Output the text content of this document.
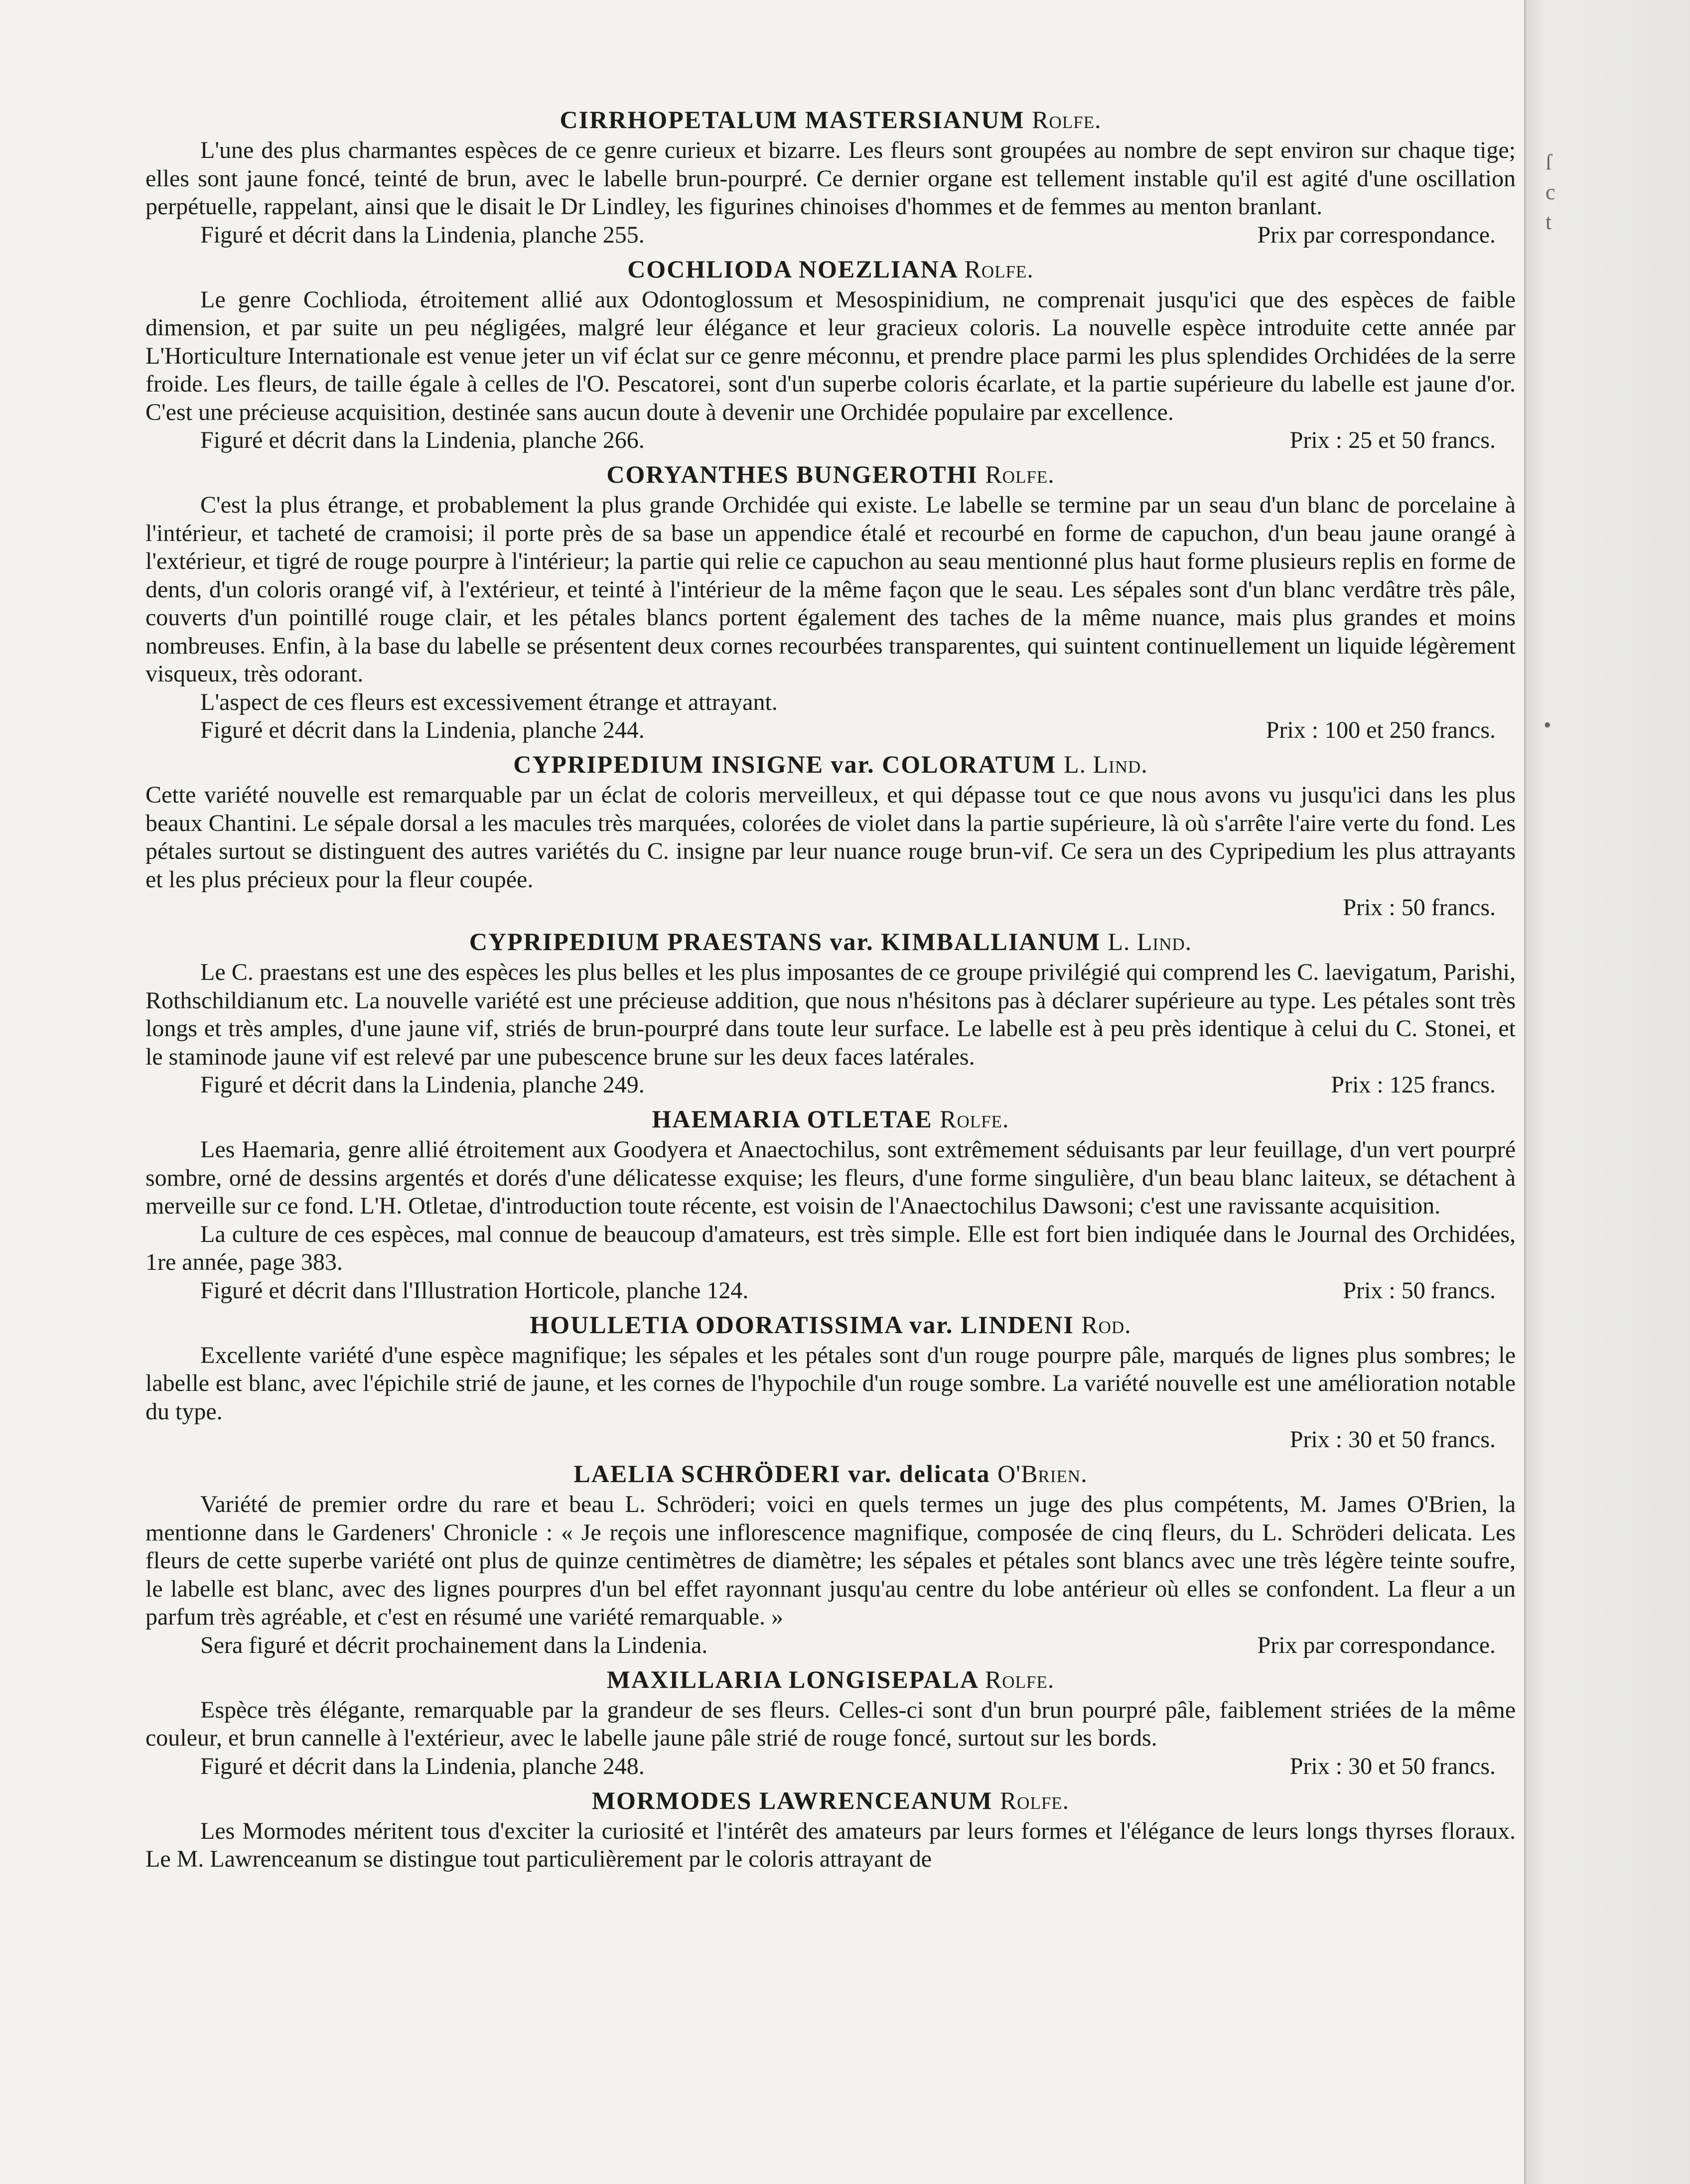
ſ
c
t
•
CIRRHOPETALUM MASTERSIANUM Rolfe.

L'une des plus charmantes espèces de ce genre curieux et bizarre. Les fleurs sont groupées au nombre de sept environ sur chaque tige; elles sont jaune foncé, teinté de brun, avec le labelle brun-pourpré. Ce dernier organe est tellement instable qu'il est agité d'une oscillation perpétuelle, rappelant, ainsi que le disait le Dr Lindley, les figurines chinoises d'hommes et de femmes au menton branlant.

Figuré et décrit dans la Lindenia, planche 255.	Prix par correspondance.
COCHLIODA NOEZLIANA Rolfe.

Le genre Cochlioda, étroitement allié aux Odontoglossum et Mesospinidium, ne comprenait jusqu'ici que des espèces de faible dimension, et par suite un peu négligées, malgré leur élégance et leur gracieux coloris. La nouvelle espèce introduite cette année par L'Horticulture Internationale est venue jeter un vif éclat sur ce genre méconnu, et prendre place parmi les plus splendides Orchidées de la serre froide. Les fleurs, de taille égale à celles de l'O. Pescatorei, sont d'un superbe coloris écarlate, et la partie supérieure du labelle est jaune d'or. C'est une précieuse acquisition, destinée sans aucun doute à devenir une Orchidée populaire par excellence.

Figuré et décrit dans la Lindenia, planche 266.	Prix : 25 et 50 francs.
CORYANTHES BUNGEROTHI Rolfe.

C'est la plus étrange, et probablement la plus grande Orchidée qui existe. Le labelle se termine par un seau d'un blanc de porcelaine à l'intérieur, et tacheté de cramoisi; il porte près de sa base un appendice étalé et recourbé en forme de capuchon, d'un beau jaune orangé à l'extérieur, et tigré de rouge pourpre à l'intérieur; la partie qui relie ce capuchon au seau mentionné plus haut forme plusieurs replis en forme de dents, d'un coloris orangé vif, à l'extérieur, et teinté à l'intérieur de la même façon que le seau. Les sépales sont d'un blanc verdâtre très pâle, couverts d'un pointillé rouge clair, et les pétales blancs portent également des taches de la même nuance, mais plus grandes et moins nombreuses. Enfin, à la base du labelle se présentent deux cornes recourbées transparentes, qui suintent continuellement un liquide légèrement visqueux, très odorant.

L'aspect de ces fleurs est excessivement étrange et attrayant.

Figuré et décrit dans la Lindenia, planche 244.	Prix : 100 et 250 francs.
CYPRIPEDIUM INSIGNE var. COLORATUM L. Lind.

Cette variété nouvelle est remarquable par un éclat de coloris merveilleux, et qui dépasse tout ce que nous avons vu jusqu'ici dans les plus beaux Chantini. Le sépale dorsal a les macules très marquées, colorées de violet dans la partie supérieure, là où s'arrête l'aire verte du fond. Les pétales surtout se distinguent des autres variétés du C. insigne par leur nuance rouge brun-vif. Ce sera un des Cypripedium les plus attrayants et les plus précieux pour la fleur coupée.

Prix : 50 francs.
CYPRIPEDIUM PRAESTANS var. KIMBALLIANUM L. Lind.

Le C. praestans est une des espèces les plus belles et les plus imposantes de ce groupe privilégié qui comprend les C. laevigatum, Parishi, Rothschildianum etc. La nouvelle variété est une précieuse addition, que nous n'hésitons pas à déclarer supérieure au type. Les pétales sont très longs et très amples, d'une jaune vif, striés de brun-pourpré dans toute leur surface. Le labelle est à peu près identique à celui du C. Stonei, et le staminode jaune vif est relevé par une pubescence brune sur les deux faces latérales.

Figuré et décrit dans la Lindenia, planche 249.	Prix : 125 francs.
HAEMARIA OTLETAE Rolfe.

Les Haemaria, genre allié étroitement aux Goodyera et Anaectochilus, sont extrêmement séduisants par leur feuillage, d'un vert pourpré sombre, orné de dessins argentés et dorés d'une délicatesse exquise; les fleurs, d'une forme singulière, d'un beau blanc laiteux, se détachent à merveille sur ce fond. L'H. Otletae, d'introduction toute récente, est voisin de l'Anaectochilus Dawsoni; c'est une ravissante acquisition.

La culture de ces espèces, mal connue de beaucoup d'amateurs, est très simple. Elle est fort bien indiquée dans le Journal des Orchidées, 1re année, page 383.

Figuré et décrit dans l'Illustration Horticole, planche 124.	Prix : 50 francs.
HOULLETIA ODORATISSIMA var. LINDENI Rod.

Excellente variété d'une espèce magnifique; les sépales et les pétales sont d'un rouge pourpre pâle, marqués de lignes plus sombres; le labelle est blanc, avec l'épichile strié de jaune, et les cornes de l'hypochile d'un rouge sombre. La variété nouvelle est une amélioration notable du type.

Prix : 30 et 50 francs.
LAELIA SCHRÖDERI var. delicata O'Brien.

Variété de premier ordre du rare et beau L. Schröderi; voici en quels termes un juge des plus compétents, M. James O'Brien, la mentionne dans le Gardeners' Chronicle : « Je reçois une inflorescence magnifique, composée de cinq fleurs, du L. Schröderi delicata. Les fleurs de cette superbe variété ont plus de quinze centimètres de diamètre; les sépales et pétales sont blancs avec une très légère teinte soufre, le labelle est blanc, avec des lignes pourpres d'un bel effet rayonnant jusqu'au centre du lobe antérieur où elles se confondent. La fleur a un parfum très agréable, et c'est en résumé une variété remarquable. »

Sera figuré et décrit prochainement dans la Lindenia.	Prix par correspondance.
MAXILLARIA LONGISEPALA Rolfe.

Espèce très élégante, remarquable par la grandeur de ses fleurs. Celles-ci sont d'un brun pourpré pâle, faiblement striées de la même couleur, et brun cannelle à l'extérieur, avec le labelle jaune pâle strié de rouge foncé, surtout sur les bords.

Figuré et décrit dans la Lindenia, planche 248.	Prix : 30 et 50 francs.
MORMODES LAWRENCEANUM Rolfe.

Les Mormodes méritent tous d'exciter la curiosité et l'intérêt des amateurs par leurs formes et l'élégance de leurs longs thyrses floraux. Le M. Lawrenceanum se distingue tout particulièrement par le coloris attrayant de
